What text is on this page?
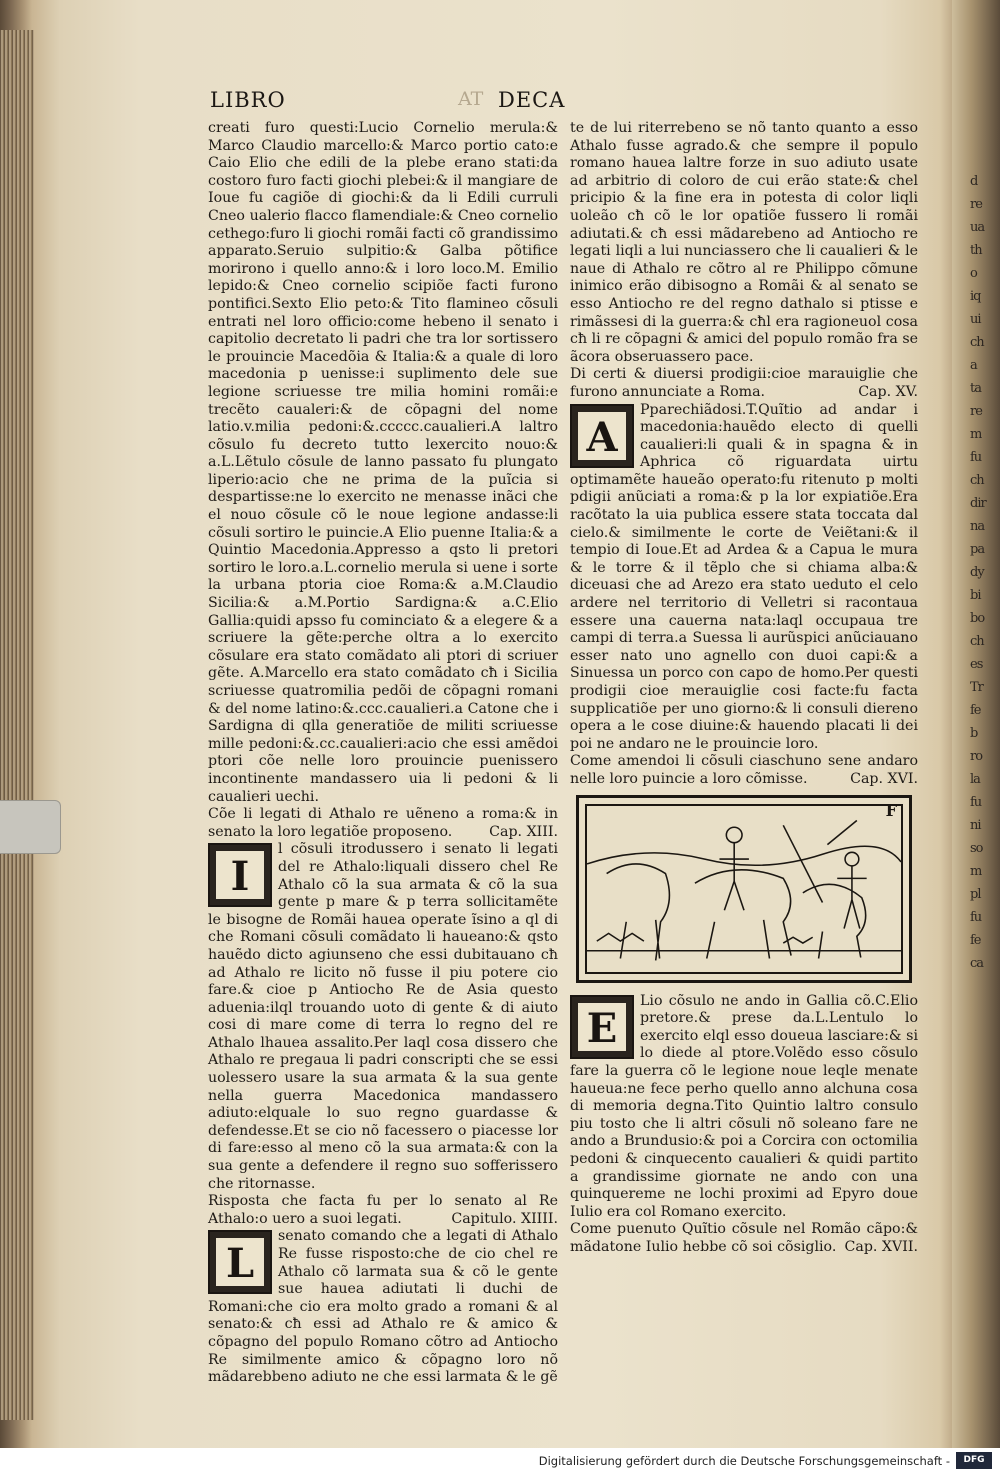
d
re
ua
th
o
iq
ui
ch
a
ta
re
m
fu
ch
dir
na
pa
dy
bi
bo
ch
es
Tr
fe
b
ro
la
fu
ni
so
m
pl
fu
fe
ca
LIBRO	AT DECA

creati furo questi:Lucio Cornelio merula:& Marco Claudio marcello:& Marco portio cato:e Caio Elio che edili de la plebe erano stati:da costoro furo facti giochi plebei:& il mangiare de Ioue fu cagiõe di giochi:& da li Edili curruli Cneo ualerio flacco flamendiale:& Cneo cornelio cethego:furo li giochi romãi facti cõ grandissimo apparato.Seruio sulpitio:& Galba põtifice morirono i quello anno:& i loro loco.M. Emilio lepido:& Cneo cornelio scipiõe facti furono pontifici.Sexto Elio peto:& Tito flamineo cõsuli entrati nel loro officio:come hebeno il senato i capitolio decretato li padri che tra lor sortissero le prouincie Macedõia & Italia:& a quale di loro macedonia p uenisse:i suplimento dele sue legione scriuesse tre milia homini romãi:e trecẽto caualeri:& de cõpagni del nome latio.v.milia pedoni:&.ccccc.caualieri.A laltro cõsulo fu decreto tutto lexercito nouo:& a.L.Lẽtulo cõsule de lanno passato fu plungato liperio:acio che ne prima de la puĩcia si despartisse:ne lo exercito ne menasse inãci che el nouo cõsule cõ le noue legione andasse:li cõsuli sortiro le puincie.A Elio puenne Italia:& a Quintio Macedonia.Appresso a qsto li pretori sortiro le loro.a.L.cornelio merula si uene i sorte la urbana ptoria cioe Roma:& a.M.Claudio Sicilia:& a.M.Portio Sardigna:& a.C.Elio Gallia:quidi apsso fu cominciato & a elegere & a scriuere la gẽte:perche oltra a lo exercito cõsulare era stato comãdato ali ptori di scriuer gẽte. A.Marcello era stato comãdato cħ i Sicilia scriuesse quatromilia pedõi de cõpagni romani & del nome latino:&.ccc.caualieri.a Catone che i Sardigna di qlla generatiõe de militi scriuesse mille pedoni:&.cc.caualieri:acio che essi amẽdoi ptori cõe nelle loro prouincie puenissero incontinente mandassero uia li pedoni & li caualieri uechi.

Cõe li legati di Athalo re uẽneno a roma:& in senato la loro legatiõe proposeno.	Cap. XIII.

I

l cõsuli itrodussero i senato li legati del re Athalo:liquali dissero chel Re Athalo cõ la sua armata & cõ la sua gente p mare & p terra sollicitamẽte le bisogne de Romãi hauea operate ĩsino a ql di che Romani cõsuli comãdato li haueano:& qsto hauẽdo dicto agiunseno che essi dubitauano cħ ad Athalo re licito nõ fusse il piu potere cio fare.& cioe p Antiocho Re de Asia questo aduenia:ilql trouando uoto di gente & di aiuto cosi di mare come di terra lo regno del re Athalo lhauea assalito.Per laql cosa dissero che Athalo re pregaua li padri conscripti che se essi uolessero usare la sua armata & la sua gente nella guerra Macedonica mandassero adiuto:elquale lo suo regno guardasse & defendesse.Et se cio nõ facessero o piacesse lor di fare:esso al meno cõ la sua armata:& con la sua gente a defendere il regno suo sofferissero che ritornasse.

Risposta che facta fu per lo senato al Re Athalo:o uero a suoi legati.	Capitulo. XIIII.

L

senato comando che a legati di Athalo Re fusse risposto:che de cio chel re Athalo cõ larmata sua & cõ le gente sue hauea adiutati li duchi de Romani:che cio era molto grado a romani & al senato:& cħ essi ad Athalo re & amico & cõpagno del populo Romano cõtro ad Antiocho Re similmente amico & cõpagno loro nõ mãdarebbeno adiuto ne che essi larmata & le gẽ

te de lui riterrebeno se nõ tanto quanto a esso Athalo fusse agrado.& che sempre il populo romano hauea laltre forze in suo adiuto usate ad arbitrio di coloro de cui erão state:& chel pricipio & la fine era in potesta di color liqli uoleão cħ cõ le lor opatiõe fussero li romãi adiutati.& cħ essi mãdarebeno ad Antiocho re legati liqli a lui nunciassero che li caualieri & le naue di Athalo re cõtro al re Philippo cõmune inimico erão dibisogno a Romãi & al senato se esso Antiocho re del regno dathalo si ptisse e rimãssesi di la guerra:& cħl era ragioneuol cosa cħ li re cõpagni & amici del populo romão fra se ãcora obseruassero pace.

Di certi & diuersi prodigii:cioe marauiglie che furono annunciate a Roma.	Cap. XV.

A

Pparechiãdosi.T.Quĩtio ad andar i macedonia:hauẽdo electo di quelli caualieri:li quali & in spagna & in Aphrica cõ riguardata uirtu optimamẽte haueão operato:fu ritenuto p molti pdigii anũciati a roma:& p la lor expiatiõe.Era racõtato la uia publica essere stata toccata dal cielo.& similmente le corte de Veiẽtani:& il tempio di Ioue.Et ad Ardea & a Capua le mura & le torre & il tẽplo che si chiama alba:& diceuasi che ad Arezo era stato ueduto el celo ardere nel territorio di Velletri si racontaua essere una cauerna nata:laql occupaua tre campi di terra.a Suessa li aurũspici anũciauano esser nato uno agnello con duoi capi:& a Sinuessa un porco con capo de homo.Per questi prodigii cioe merauiglie cosi facte:fu facta supplicatiõe per uno giorno:& li consuli diereno opera a le cose diuine:& hauendo placati li dei poi ne andaro ne le prouincie loro.

Come amendoi li cõsuli ciaschuno sene andaro nelle loro puincie a loro cõmisse.	Cap. XVI.

F
E

Lio cõsulo ne ando in Gallia cõ.C.Elio pretore.& prese da.L.Lentulo lo exercito elql esso doueua lasciare:& si lo diede al ptore.Volẽdo esso cõsulo fare la guerra cõ le legione noue leqle menate haueua:ne fece perho quello anno alchuna cosa di memoria degna.Tito Quintio laltro consulo piu tosto che li altri cõsuli nõ soleano fare ne ando a Brundusio:& poi a Corcira con octomilia pedoni & cinquecento caualieri & quidi partito a grandissime giornate ne ando con una quinquereme ne lochi proximi ad Epyro doue Iulio era col Romano exercito.

Come puenuto Quĩtio cõsule nel Romão cãpo:& mãdatone Iulio hebbe cõ soi cõsiglio. Cap. XVII.

Digitalisierung gefördert durch die Deutsche Forschungsgemeinschaft -	DFG
